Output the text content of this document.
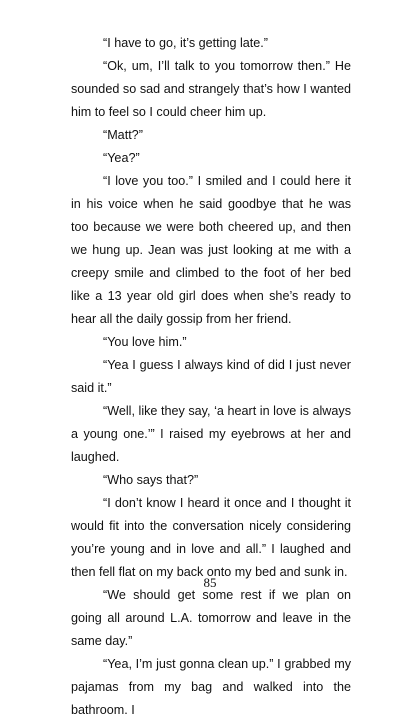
“I have to go, it’s getting late.”

“Ok, um, I’ll talk to you tomorrow then.” He sounded so sad and strangely that’s how I wanted him to feel so I could cheer him up.

“Matt?”

“Yea?”

“I love you too.” I smiled and I could here it in his voice when he said goodbye that he was too because we were both cheered up, and then we hung up. Jean was just looking at me with a creepy smile and climbed to the foot of her bed like a 13 year old girl does when she’s ready to hear all the daily gossip from her friend.

“You love him.”

“Yea I guess I always kind of did I just never said it.”

“Well, like they say, ‘a heart in love is always a young one.’” I raised my eyebrows at her and laughed.

“Who says that?”

“I don’t know I heard it once and I thought it would fit into the conversation nicely considering you’re young and in love and all.” I laughed and then fell flat on my back onto my bed and sunk in.

“We should get some rest if we plan on going all around L.A. tomorrow and leave in the same day.”

“Yea, I’m just gonna clean up.” I grabbed my pajamas from my bag and walked into the bathroom. I

85
